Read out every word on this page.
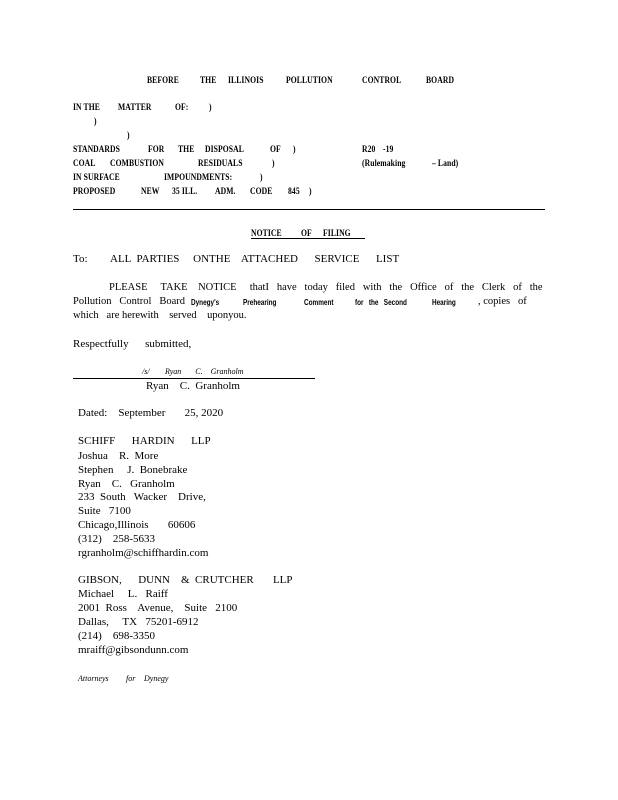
BEFORE THE ILLINOIS POLLUTION	CONTROL	BOARD
IN THE MATTER	OF: )
)
)
STANDARDS	FOR THE DISPOSAL	OF )	R20 -19
COAL COMBUSTION	RESIDUALS	)	(Rulemaking	– Land)
IN SURFACE	IMPOUNDMENTS:	)
PROPOSED	NEW 35 ILL. ADM. CODE 845 )
NOTICE OF FILING
To: ALL  PARTIES     ONTHE    ATTACHED      SERVICE      LIST
PLEASE     TAKE    NOTICE     thatI   have   today   filed   with   the   Office   of   the   Clerk   of   the
Pollution   Control   Board Dynegy's	Prehearing	Comment	for   the   Second	Hearing , copies   of
which   are herewith    served    uponyou.
Respectfully      submitted,
/s/ Ryan       C.    Granholm
Ryan    C.  Granholm
Dated:    September       25, 2020
SCHIFF      HARDIN      LLP
Joshua    R.  More
Stephen     J.  Bonebrake
Ryan    C.   Granholm
233  South   Wacker    Drive,
Suite   7100
Chicago,Illinois       60606
(312)    258-5633
rgranholm@schiffhardin.com
GIBSON,      DUNN    &  CRUTCHER       LLP
Michael     L.   Raiff
2001  Ross    Avenue,    Suite   2100
Dallas,     TX   75201-6912
(214)    698-3350
mraiff@gibsondunn.com
Attorneys for Dynegy
